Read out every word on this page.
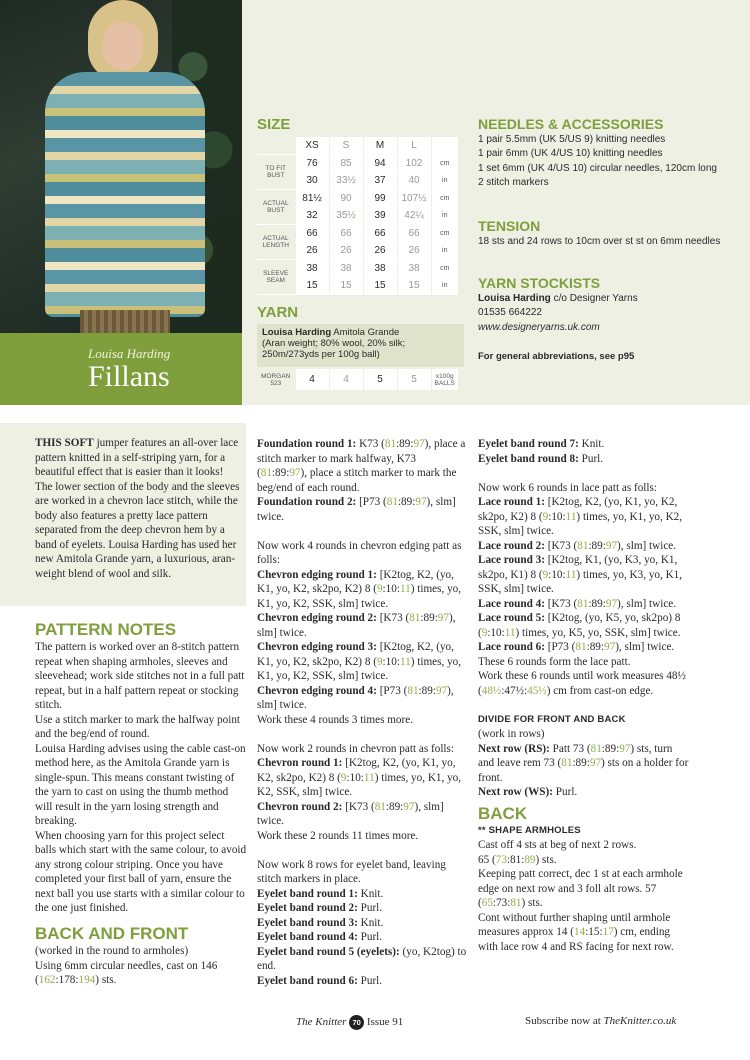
Louisa Harding
Fillans
SIZE
	XS	S	M	L	
TO FIT BUST	76	85	94	102	cm
	30	33½	37	40	in
ACTUAL BUST	81½	90	99	107½	cm
	32	35½	39	42¼	in
ACTUAL LENGTH	66	66	66	66	cm
	26	26	26	26	in
SLEEVE SEAM	38	38	38	38	cm
	15	15	15	15	in
YARN
Louisa Harding Amitola Grande
(Aran weight; 80% wool, 20% silk; 250m/273yds per 100g ball)
MORGAN 523	4	4	5	5	x100g BALLS
NEEDLES & ACCESSORIES
1 pair 5.5mm (UK 5/US 9) knitting needles
1 pair 6mm (UK 4/US 10) knitting needles
1 set 6mm (UK 4/US 10) circular needles, 120cm long
2 stitch markers
TENSION
18 sts and 24 rows to 10cm over st st on 6mm needles
YARN STOCKISTS
Louisa Harding c/o Designer Yarns
01535 664222
www.designeryarns.uk.com
For general abbreviations, see p95
THIS SOFT jumper features an all-over lace pattern knitted in a self-striping yarn, for a beautiful effect that is easier than it looks! The lower section of the body and the sleeves are worked in a chevron lace stitch, while the body also features a pretty lace pattern separated from the deep chevron hem by a band of eyelets. Louisa Harding has used her new Amitola Grande yarn, a luxurious, aran-weight blend of wool and silk.
PATTERN NOTES

The pattern is worked over an 8-stitch pattern repeat when shaping armholes, sleeves and sleevehead; work side stitches not in a full patt repeat, but in a half pattern repeat or stocking stitch.

Use a stitch marker to mark the halfway point and the beg/end of round.

Louisa Harding advises using the cable cast-on method here, as the Amitola Grande yarn is single-spun. This means constant twisting of the yarn to cast on using the thumb method will result in the yarn losing strength and breaking.

When choosing yarn for this project select balls which start with the same colour, to avoid any strong colour striping. Once you have completed your first ball of yarn, ensure the next ball you use starts with a similar colour to the one just finished.

BACK AND FRONT

(worked in the round to armholes)

Using 6mm circular needles, cast on 146 (162:178:194) sts.

Foundation round 1: K73 (81:89:97), place a stitch marker to mark halfway, K73 (81:89:97), place a stitch marker to mark the beg/end of each round.

Foundation round 2: [P73 (81:89:97), slm] twice.

Now work 4 rounds in chevron edging patt as folls:

Chevron edging round 1: [K2tog, K2, (yo, K1, yo, K2, sk2po, K2) 8 (9:10:11) times, yo, K1, yo, K2, SSK, slm] twice.

Chevron edging round 2: [K73 (81:89:97), slm] twice.

Chevron edging round 3: [K2tog, K2, (yo, K1, yo, K2, sk2po, K2) 8 (9:10:11) times, yo, K1, yo, K2, SSK, slm] twice.

Chevron edging round 4: [P73 (81:89:97), slm] twice.

Work these 4 rounds 3 times more.

Now work 2 rounds in chevron patt as folls:

Chevron round 1: [K2tog, K2, (yo, K1, yo, K2, sk2po, K2) 8 (9:10:11) times, yo, K1, yo, K2, SSK, slm] twice.

Chevron round 2: [K73 (81:89:97), slm] twice.

Work these 2 rounds 11 times more.

Now work 8 rows for eyelet band, leaving stitch markers in place.

Eyelet band round 1: Knit.

Eyelet band round 2: Purl.

Eyelet band round 3: Knit.

Eyelet band round 4: Purl.

Eyelet band round 5 (eyelets): (yo, K2tog) to end.

Eyelet band round 6: Purl.

Eyelet band round 7: Knit.

Eyelet band round 8: Purl.

Now work 6 rounds in lace patt as folls:

Lace round 1: [K2tog, K2, (yo, K1, yo, K2, sk2po, K2) 8 (9:10:11) times, yo, K1, yo, K2, SSK, slm] twice.

Lace round 2: [K73 (81:89:97), slm] twice.

Lace round 3: [K2tog, K1, (yo, K3, yo, K1, sk2po, K1) 8 (9:10:11) times, yo, K3, yo, K1, SSK, slm] twice.

Lace round 4: [K73 (81:89:97), slm] twice.

Lace round 5: [K2tog, (yo, K5, yo, sk2po) 8 (9:10:11) times, yo, K5, yo, SSK, slm] twice.

Lace round 6: [P73 (81:89:97), slm] twice.

These 6 rounds form the lace patt.

Work these 6 rounds until work measures 48½ (48½:47½:45½) cm from cast-on edge.

DIVIDE FOR FRONT AND BACK

(work in rows)

Next row (RS): Patt 73 (81:89:97) sts, turn and leave rem 73 (81:89:97) sts on a holder for front.

Next row (WS): Purl.

BACK

** SHAPE ARMHOLES

Cast off 4 sts at beg of next 2 rows.

65 (73:81:89) sts.

Keeping patt correct, dec 1 st at each armhole edge on next row and 3 foll alt rows. 57 (65:73:81) sts.

Cont without further shaping until armhole measures approx 14 (14:15:17) cm, ending with lace row 4 and RS facing for next row.

The Knitter 70 Issue 91	Subscribe now at TheKnitter.co.uk
